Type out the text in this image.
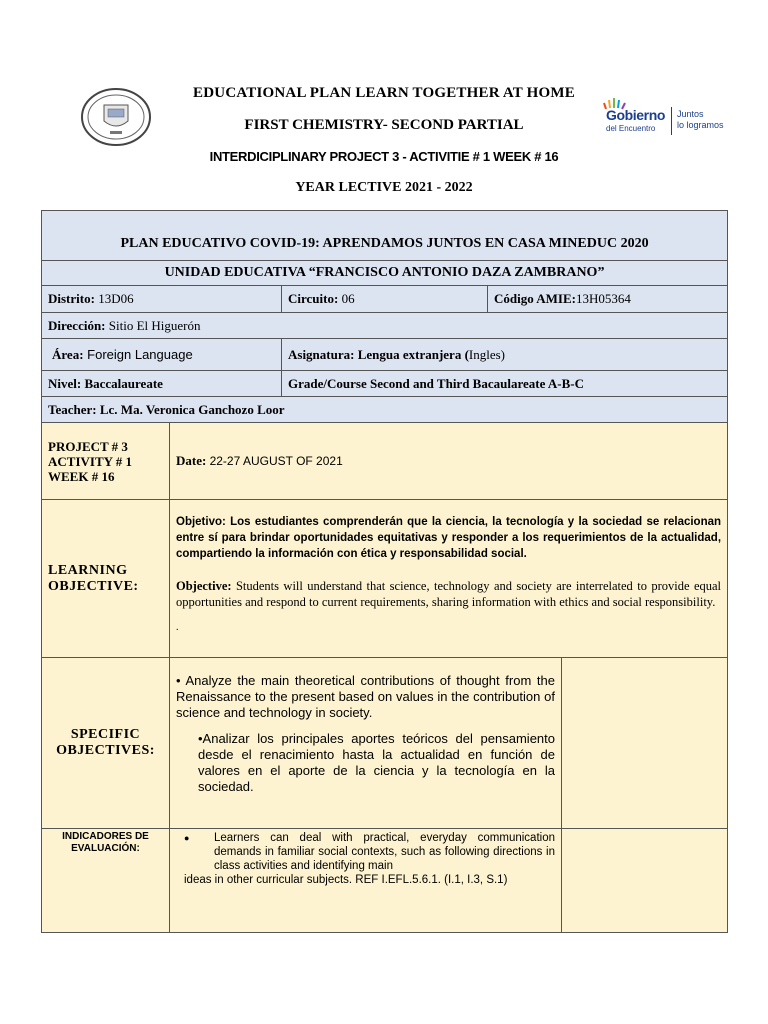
EDUCATIONAL PLAN LEARN TOGETHER AT HOME
FIRST CHEMISTRY- SECOND PARTIAL
INTERDICIPLINARY PROJECT 3 - ACTIVITIE # 1 WEEK # 16
YEAR LECTIVE 2021 - 2022
Gobierno
del Encuentro
Juntos
lo logramos
PLAN EDUCATIVO COVID-19: APRENDAMOS JUNTOS EN CASA MINEDUC 2020				
UNIDAD EDUCATIVA “FRANCISCO ANTONIO DAZA ZAMBRANO”				
Distrito: 13D06		Circuito: 06	Código AMIE:13H05364	
Dirección: Sitio El Higuerón				
Área: Foreign Language		Asignatura: Lengua extranjera (Ingles)		
Nivel: Baccalaureate		Grade/Course Second and Third Bacaulareate A-B-C		
Teacher: Lc. Ma. Veronica Ganchozo Loor				

PROJECT # 3
ACTIVITY # 1
WEEK # 16	Date: 22-27 AUGUST OF 2021			
LEARNING OBJECTIVE:	Objetivo: Los estudiantes comprenderán que la ciencia, la tecnología y la sociedad se relacionan entre sí para brindar oportunidades equitativas y responder a los requerimientos de la actualidad, compartiendo la información con ética y responsabilidad social.

Objective: Students will understand that science, technology and society are interrelated to provide equal opportunities and respond to current requirements, sharing information with ethics and social responsibility.

.			

SPECIFIC OBJECTIVES:	• Analyze the main theoretical contributions of thought from the Renaissance to the present based on values in the contribution of science and technology in society.

•Analizar los principales aportes teóricos del pensamiento desde el renacimiento hasta la actualidad en función de valores en el aporte de la ciencia y la tecnología en la sociedad.			

INDICADORES DE EVALUACIÓN:	● Learners can deal with practical, everyday communication demands in familiar social contexts, such as following directions in class activities and identifying main

ideas in other curricular subjects. REF I.EFL.5.6.1. (I.1, I.3, S.1)			
